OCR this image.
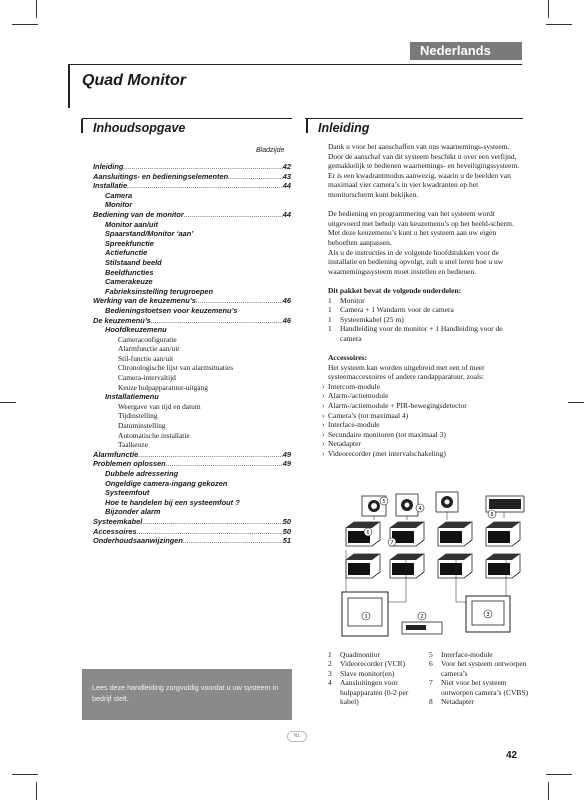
Nederlands
Quad Monitor
Inhoudsopgave
Bladzijde
Inleiding .....	42
Aansluitings- en bedieningselementen .....	43
Installatie .....	44
Camera
Monitor
Bediening van de monitor .....	44
Monitor aan/uit
Spaarstand/Monitor ‘aan’
Spreekfunctie
Actiefunctie
Stilstaand beeld
Beeldfuncties
Camerakeuze
Fabrieksinstelling terugroepen
Werking van de keuzemenu’s .....	46
Bedieningstoetsen voor keuzemenu’s
De keuzemenu’s .....	46
Hoofdkeuzemenu
Cameraconfiguratie
Alarmfunctie aan/uit
Stil-functie aan/uit
Chronologische lijst van alarmsituaties
Camera-intervaltijd
Keuze hulpapparatuur-uitgang
Installatiemenu
Weergave van tijd en datum
Tijdinstelling
Datuminstelling
Automatische installatie
Taalkeuze
Alarmfunctie .....	49
Problemen oplossen .....	49
Dubbele adressering
Ongeldige camera-ingang gekozen
Systeemfout
Hoe te handelen bij een systeemfout ?
Bijzonder alarm
Systeemkabel .....	50
Accessoires .....	50
Onderhoudsaanwijzingen .....	51
Lees deze handleiding zorgvuldig voordat u uw systeem in bedrijf stelt.
Inleiding

Dank u voor het aanschaffen van ons waarnemings-systeem. Door de aanschaf van dit systeem beschikt u over een verfijnd, gemakkelijk te bedienen waarnemings- en beveiligingssysteem.

Er is een kwadrantmodus aanwezig, waarin u de beelden van maximaal vier camera’s in vier kwadranten op het monitorscherm kunt bekijken.

De bediening en programmering van het systeem wordt uitgevoerd met behulp van keuzemenu’s op het beeld-scherm. Met deze keuzemenu’s kunt u het systeem aan uw eigen behoeften aanpassen.

Als u de instructies in de volgende hoofdstukken voor de installatie en bediening opvolgt, zult u snel leren hoe u uw waarnemingssysteem moet instellen en bedienen.

Dit pakket bevat de volgende onderdelen:

1	Monitor
1	Camera + 1 Wandarm voor de camera
1	Systeemkabel (25 m)
1	Handleiding voor de monitor + 1 Handleiding voor de camera

Accessoires:

Het systeem kan worden uitgebreid met een of meer systeemaccessoires of andere randapparatuur, zoals:

› Intercom-module
› Alarm-/actiemodule
› Alarm-/actiemodule + PIR-bewegingsdetector
› Camera’s (tot maximaal 4)
› Interface-module
› Secundaire monitoren (tot maximaal 3)
› Netadapter
› Videorecorder (met intervalschakeling)
1	2	3
4
5
6
7
8
1	Quadmonitor
2	Videorecorder (VCR)
3	Slave monitor(en)
4	Aansluitingen voor hulpapparaten (0-2 per kabel)
5	Interface-module
6	Voor het systeem ontworpen camera’s
7	Niet voor het systeem ontworpen camera’s (CVBS)
8	Netadapter
NL
42
